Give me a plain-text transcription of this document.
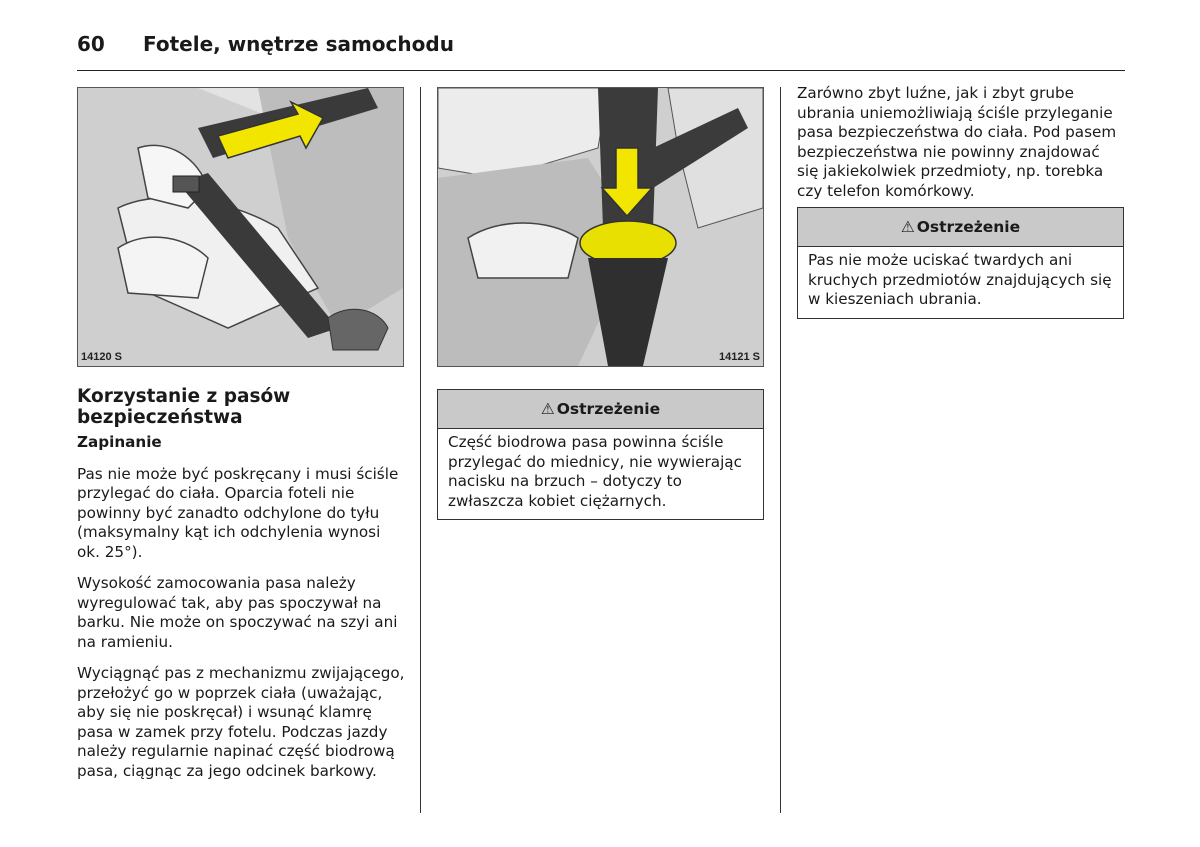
60 Fotele, wnętrze samochodu
14120 S	14121 S
Korzystanie z pasów bezpieczeństwa

Zapinanie

Pas nie może być poskręcany i musi ściśle przylegać do ciała. Oparcia foteli nie powinny być zanadto odchylone do tyłu (maksymalny kąt ich odchylenia wynosi ok. 25°).

Wysokość zamocowania pasa należy wyregulować tak, aby pas spoczywał na barku. Nie może on spoczywać na szyi ani na ramieniu.

Wyciągnąć pas z mechanizmu zwijającego, przełożyć go w poprzek ciała (uważając, aby się nie poskręcał) i wsunąć klamrę pasa w zamek przy fotelu. Podczas jazdy należy regularnie napinać część biodrową pasa, ciągnąc za jego odcinek barkowy.

⚠ Ostrzeżenie
Część biodrowa pasa powinna ściśle przylegać do miednicy, nie wywierając nacisku na brzuch – dotyczy to zwłaszcza kobiet ciężarnych.

Zarówno zbyt luźne, jak i zbyt grube ubrania uniemożliwiają ściśle przyleganie pasa bezpieczeństwa do ciała. Pod pasem bezpieczeństwa nie powinny znajdować się jakiekolwiek przedmioty, np. torebka czy telefon komórkowy.

⚠ Ostrzeżenie
Pas nie może uciskać twardych ani kruchych przedmiotów znajdujących się w kieszeniach ubrania.
